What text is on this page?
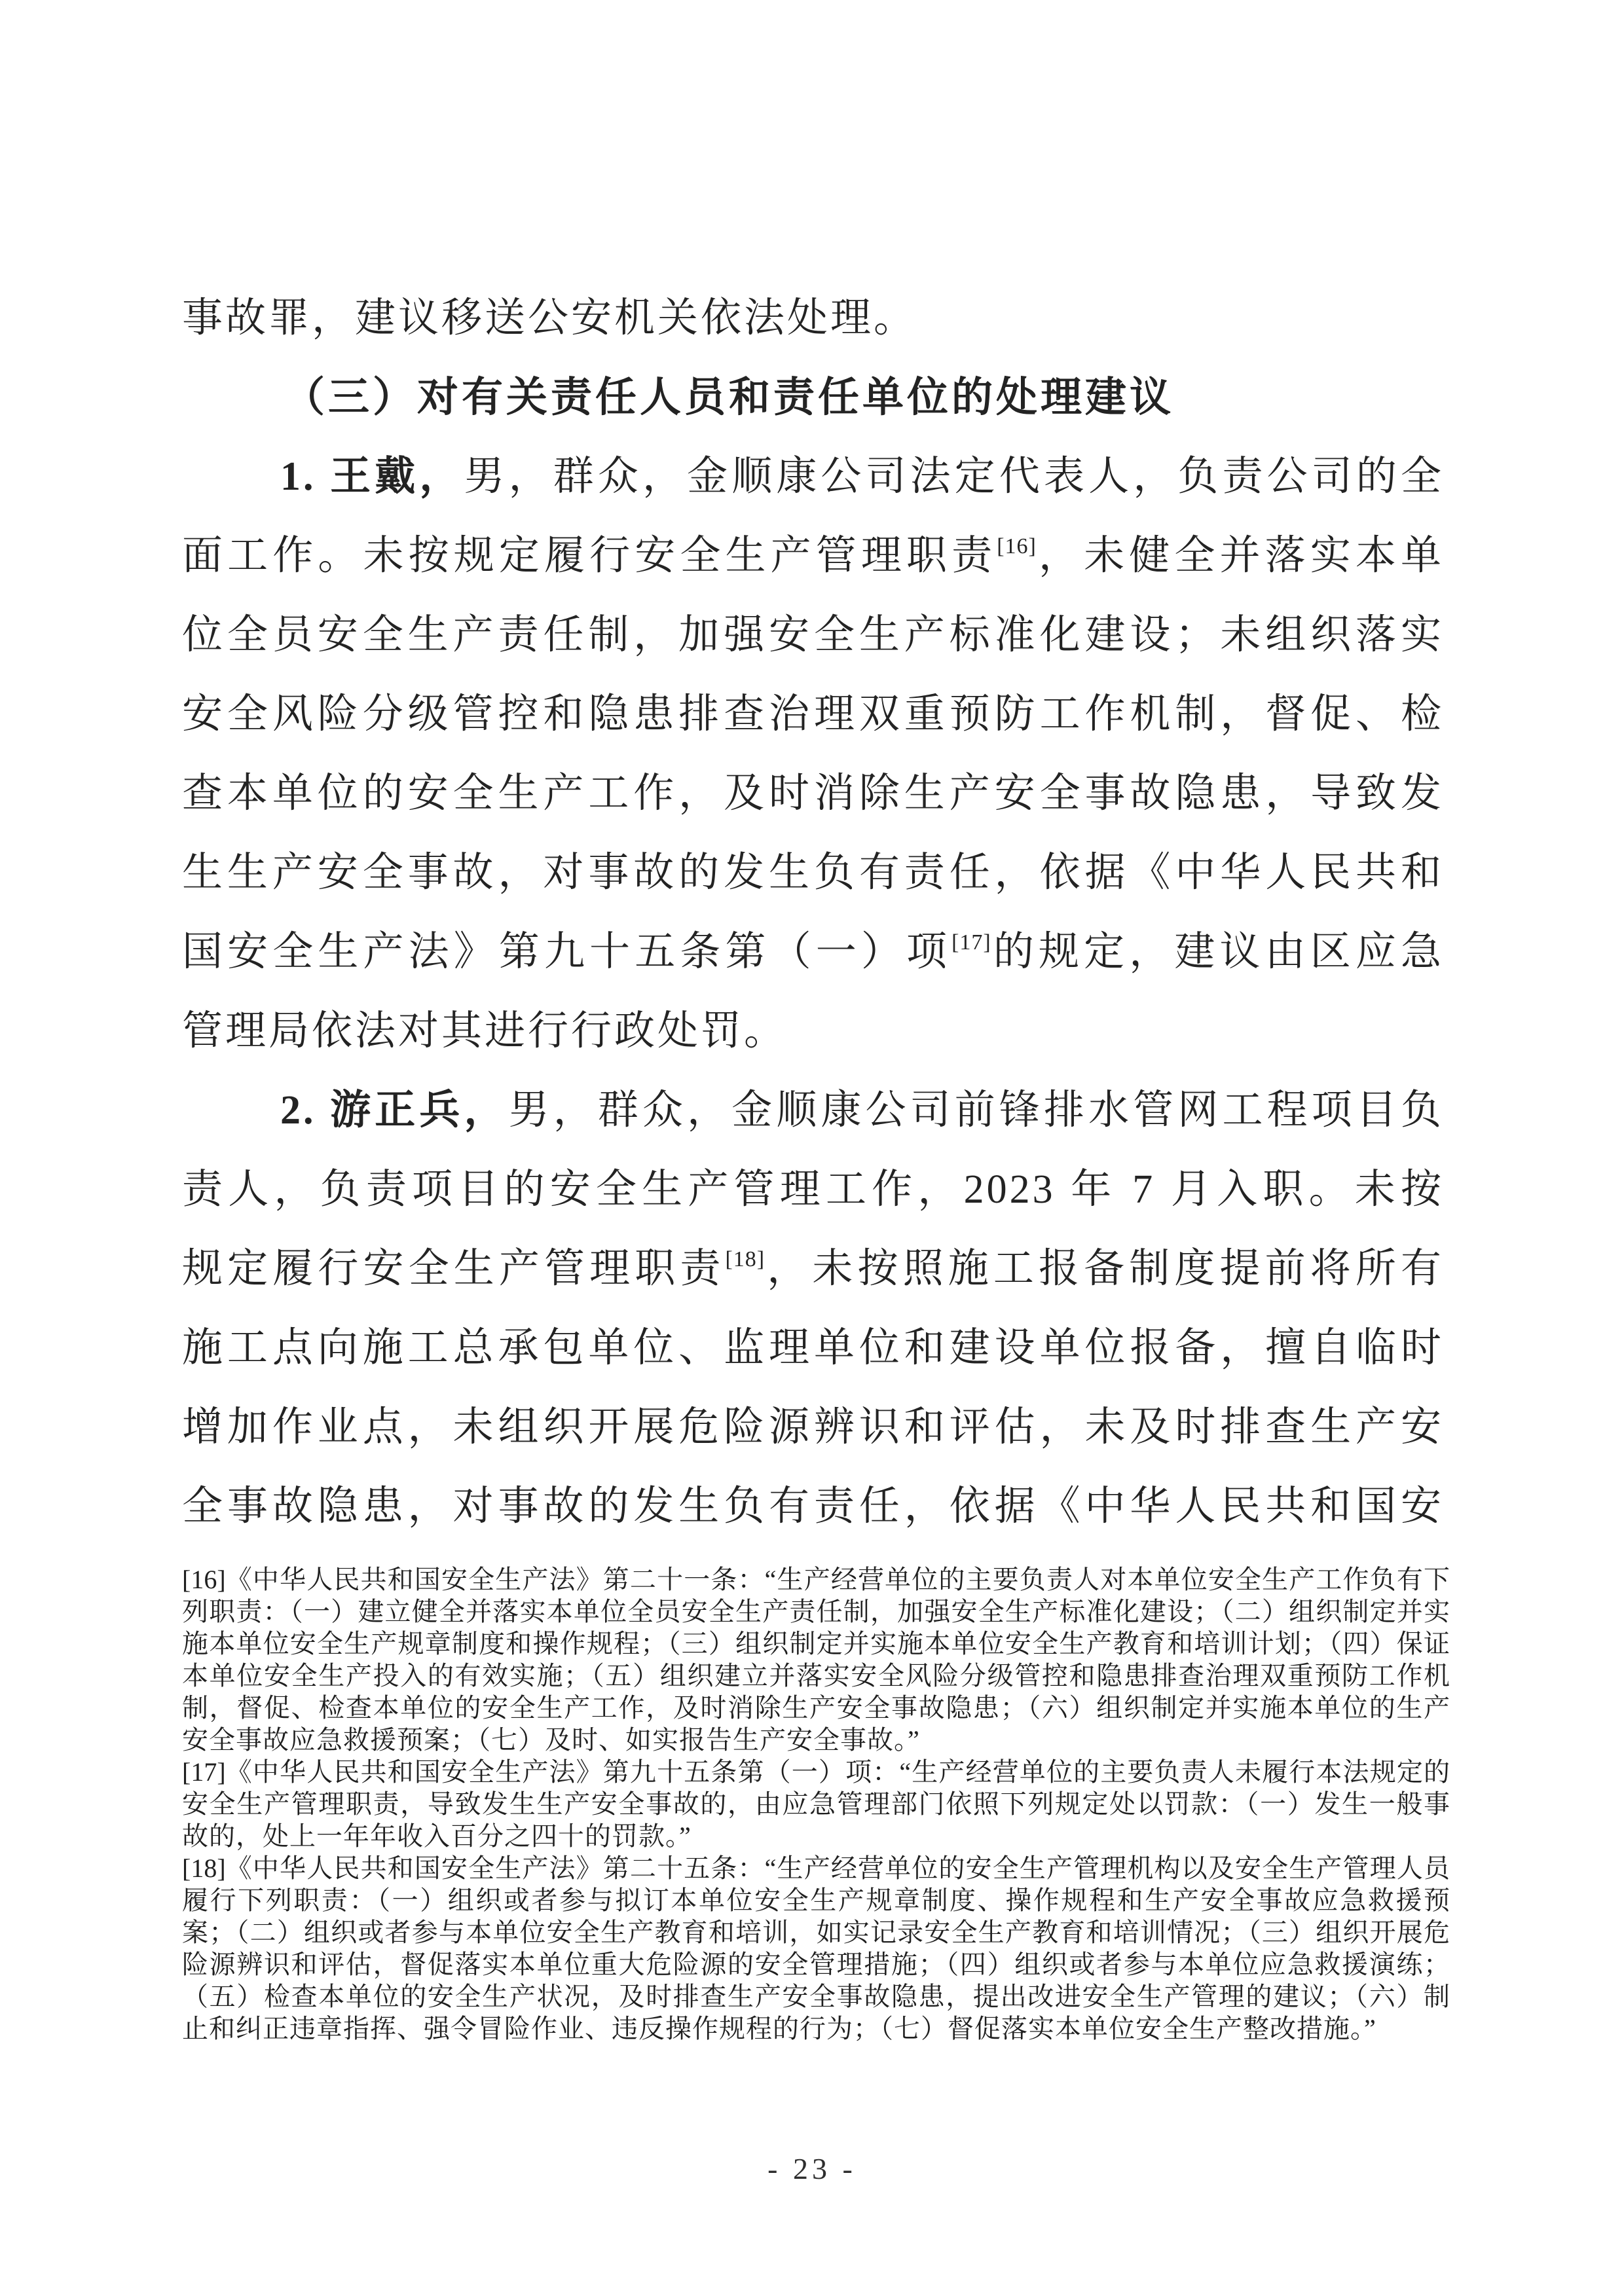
事故罪，建议移送公安机关依法处理。
（三）对有关责任人员和责任单位的处理建议
1. 王戴，男，群众，金顺康公司法定代表人，负责公司的全
面工作。未按规定履行安全生产管理职责[16]，未健全并落实本单
位全员安全生产责任制，加强安全生产标准化建设；未组织落实
安全风险分级管控和隐患排查治理双重预防工作机制，督促、检
查本单位的安全生产工作，及时消除生产安全事故隐患，导致发
生生产安全事故，对事故的发生负有责任，依据《中华人民共和
国安全生产法》第九十五条第（一）项[17]的规定，建议由区应急
管理局依法对其进行行政处罚。
2. 游正兵，男，群众，金顺康公司前锋排水管网工程项目负
责人，负责项目的安全生产管理工作，2023 年 7 月入职。未按
规定履行安全生产管理职责[18]，未按照施工报备制度提前将所有
施工点向施工总承包单位、监理单位和建设单位报备，擅自临时
增加作业点，未组织开展危险源辨识和评估，未及时排查生产安
全事故隐患，对事故的发生负有责任，依据《中华人民共和国安
[16]《中华人民共和国安全生产法》第二十一条：“生产经营单位的主要负责人对本单位安全生产工作负有下列职责：（一）建立健全并落实本单位全员安全生产责任制，加强安全生产标准化建设；（二）组织制定并实施本单位安全生产规章制度和操作规程；（三）组织制定并实施本单位安全生产教育和培训计划；（四）保证本单位安全生产投入的有效实施；（五）组织建立并落实安全风险分级管控和隐患排查治理双重预防工作机制，督促、检查本单位的安全生产工作，及时消除生产安全事故隐患；（六）组织制定并实施本单位的生产安全事故应急救援预案；（七）及时、如实报告生产安全事故。”
[17]《中华人民共和国安全生产法》第九十五条第（一）项：“生产经营单位的主要负责人未履行本法规定的安全生产管理职责，导致发生生产安全事故的，由应急管理部门依照下列规定处以罚款：（一）发生一般事故的，处上一年年收入百分之四十的罚款。”
[18]《中华人民共和国安全生产法》第二十五条：“生产经营单位的安全生产管理机构以及安全生产管理人员履行下列职责：（一）组织或者参与拟订本单位安全生产规章制度、操作规程和生产安全事故应急救援预案；（二）组织或者参与本单位安全生产教育和培训，如实记录安全生产教育和培训情况；（三）组织开展危险源辨识和评估，督促落实本单位重大危险源的安全管理措施；（四）组织或者参与本单位应急救援演练；（五）检查本单位的安全生产状况，及时排查生产安全事故隐患，提出改进安全生产管理的建议；（六）制止和纠正违章指挥、强令冒险作业、违反操作规程的行为；（七）督促落实本单位安全生产整改措施。”
- 23 -
